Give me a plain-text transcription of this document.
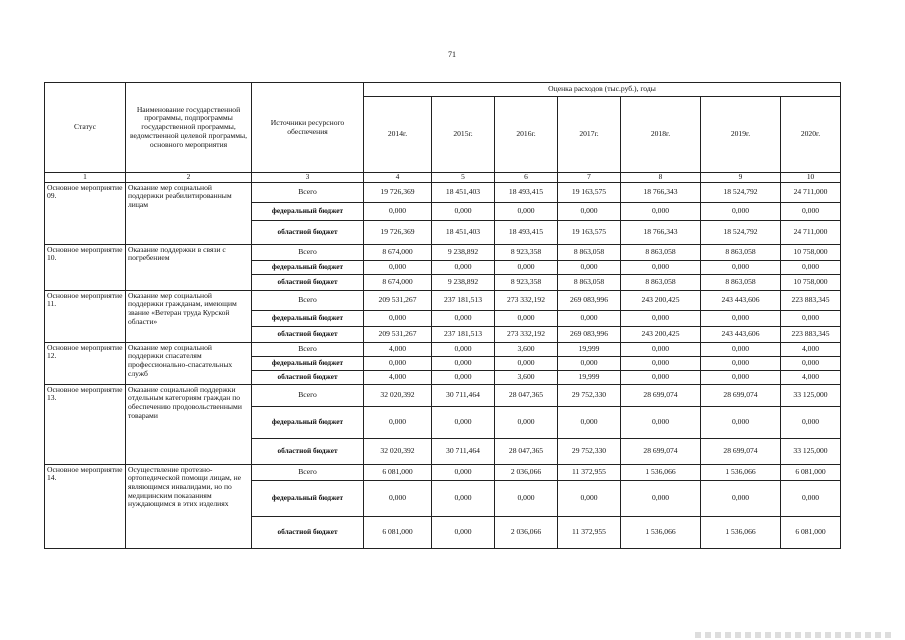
71
Статус	Наименование государственной программы, подпрограммы государственной программы, ведомственной целевой программы, основного мероприятия	Источники ресурсного обеспечения	Оценка расходов (тыс.руб.), годы						
			2014г.	2015г.	2016г.	2017г.	2018г.	2019г.	2020г.
1	2	3	4	5	6	7	8	9	10
Основное мероприятие 09.	Оказание мер социальной поддержки реабилитированным лицам	Всего	19 726,369	18 451,403	18 493,415	19 163,575	18 766,343	18 524,792	24 711,000
		федеральный бюджет	0,000	0,000	0,000	0,000	0,000	0,000	0,000
		областной бюджет	19 726,369	18 451,403	18 493,415	19 163,575	18 766,343	18 524,792	24 711,000
Основное мероприятие 10.	Оказание поддержки в связи с погребением	Всего	8 674,000	9 238,892	8 923,358	8 863,058	8 863,058	8 863,058	10 758,000
		федеральный бюджет	0,000	0,000	0,000	0,000	0,000	0,000	0,000
		областной бюджет	8 674,000	9 238,892	8 923,358	8 863,058	8 863,058	8 863,058	10 758,000
Основное мероприятие 11.	Оказание мер социальной поддержки гражданам, имеющим звание «Ветеран труда Курской области»	Всего	209 531,267	237 181,513	273 332,192	269 083,996	243 200,425	243 443,606	223 883,345
		федеральный бюджет	0,000	0,000	0,000	0,000	0,000	0,000	0,000
		областной бюджет	209 531,267	237 181,513	273 332,192	269 083,996	243 200,425	243 443,606	223 883,345
Основное мероприятие 12.	Оказание мер социальной поддержки спасателям профессионально-спасательных служб	Всего	4,000	0,000	3,600	19,999	0,000	0,000	4,000
		федеральный бюджет	0,000	0,000	0,000	0,000	0,000	0,000	0,000
		областной бюджет	4,000	0,000	3,600	19,999	0,000	0,000	4,000
Основное мероприятие 13.	Оказание социальной поддержки отдельным категориям граждан по обеспечению продовольственными товарами	Всего	32 020,392	30 711,464	28 047,365	29 752,330	28 699,074	28 699,074	33 125,000
		федеральный бюджет	0,000	0,000	0,000	0,000	0,000	0,000	0,000
		областной бюджет	32 020,392	30 711,464	28 047,365	29 752,330	28 699,074	28 699,074	33 125,000
Основное мероприятие 14.	Осуществление протезно-ортопедической помощи лицам, не являющимся инвалидами, но по медицинским показаниям нуждающимся в этих изделиях	Всего	6 081,000	0,000	2 036,066	11 372,955	1 536,066	1 536,066	6 081,000
		федеральный бюджет	0,000	0,000	0,000	0,000	0,000	0,000	0,000
		областной бюджет	6 081,000	0,000	2 036,066	11 372,955	1 536,066	1 536,066	6 081,000
